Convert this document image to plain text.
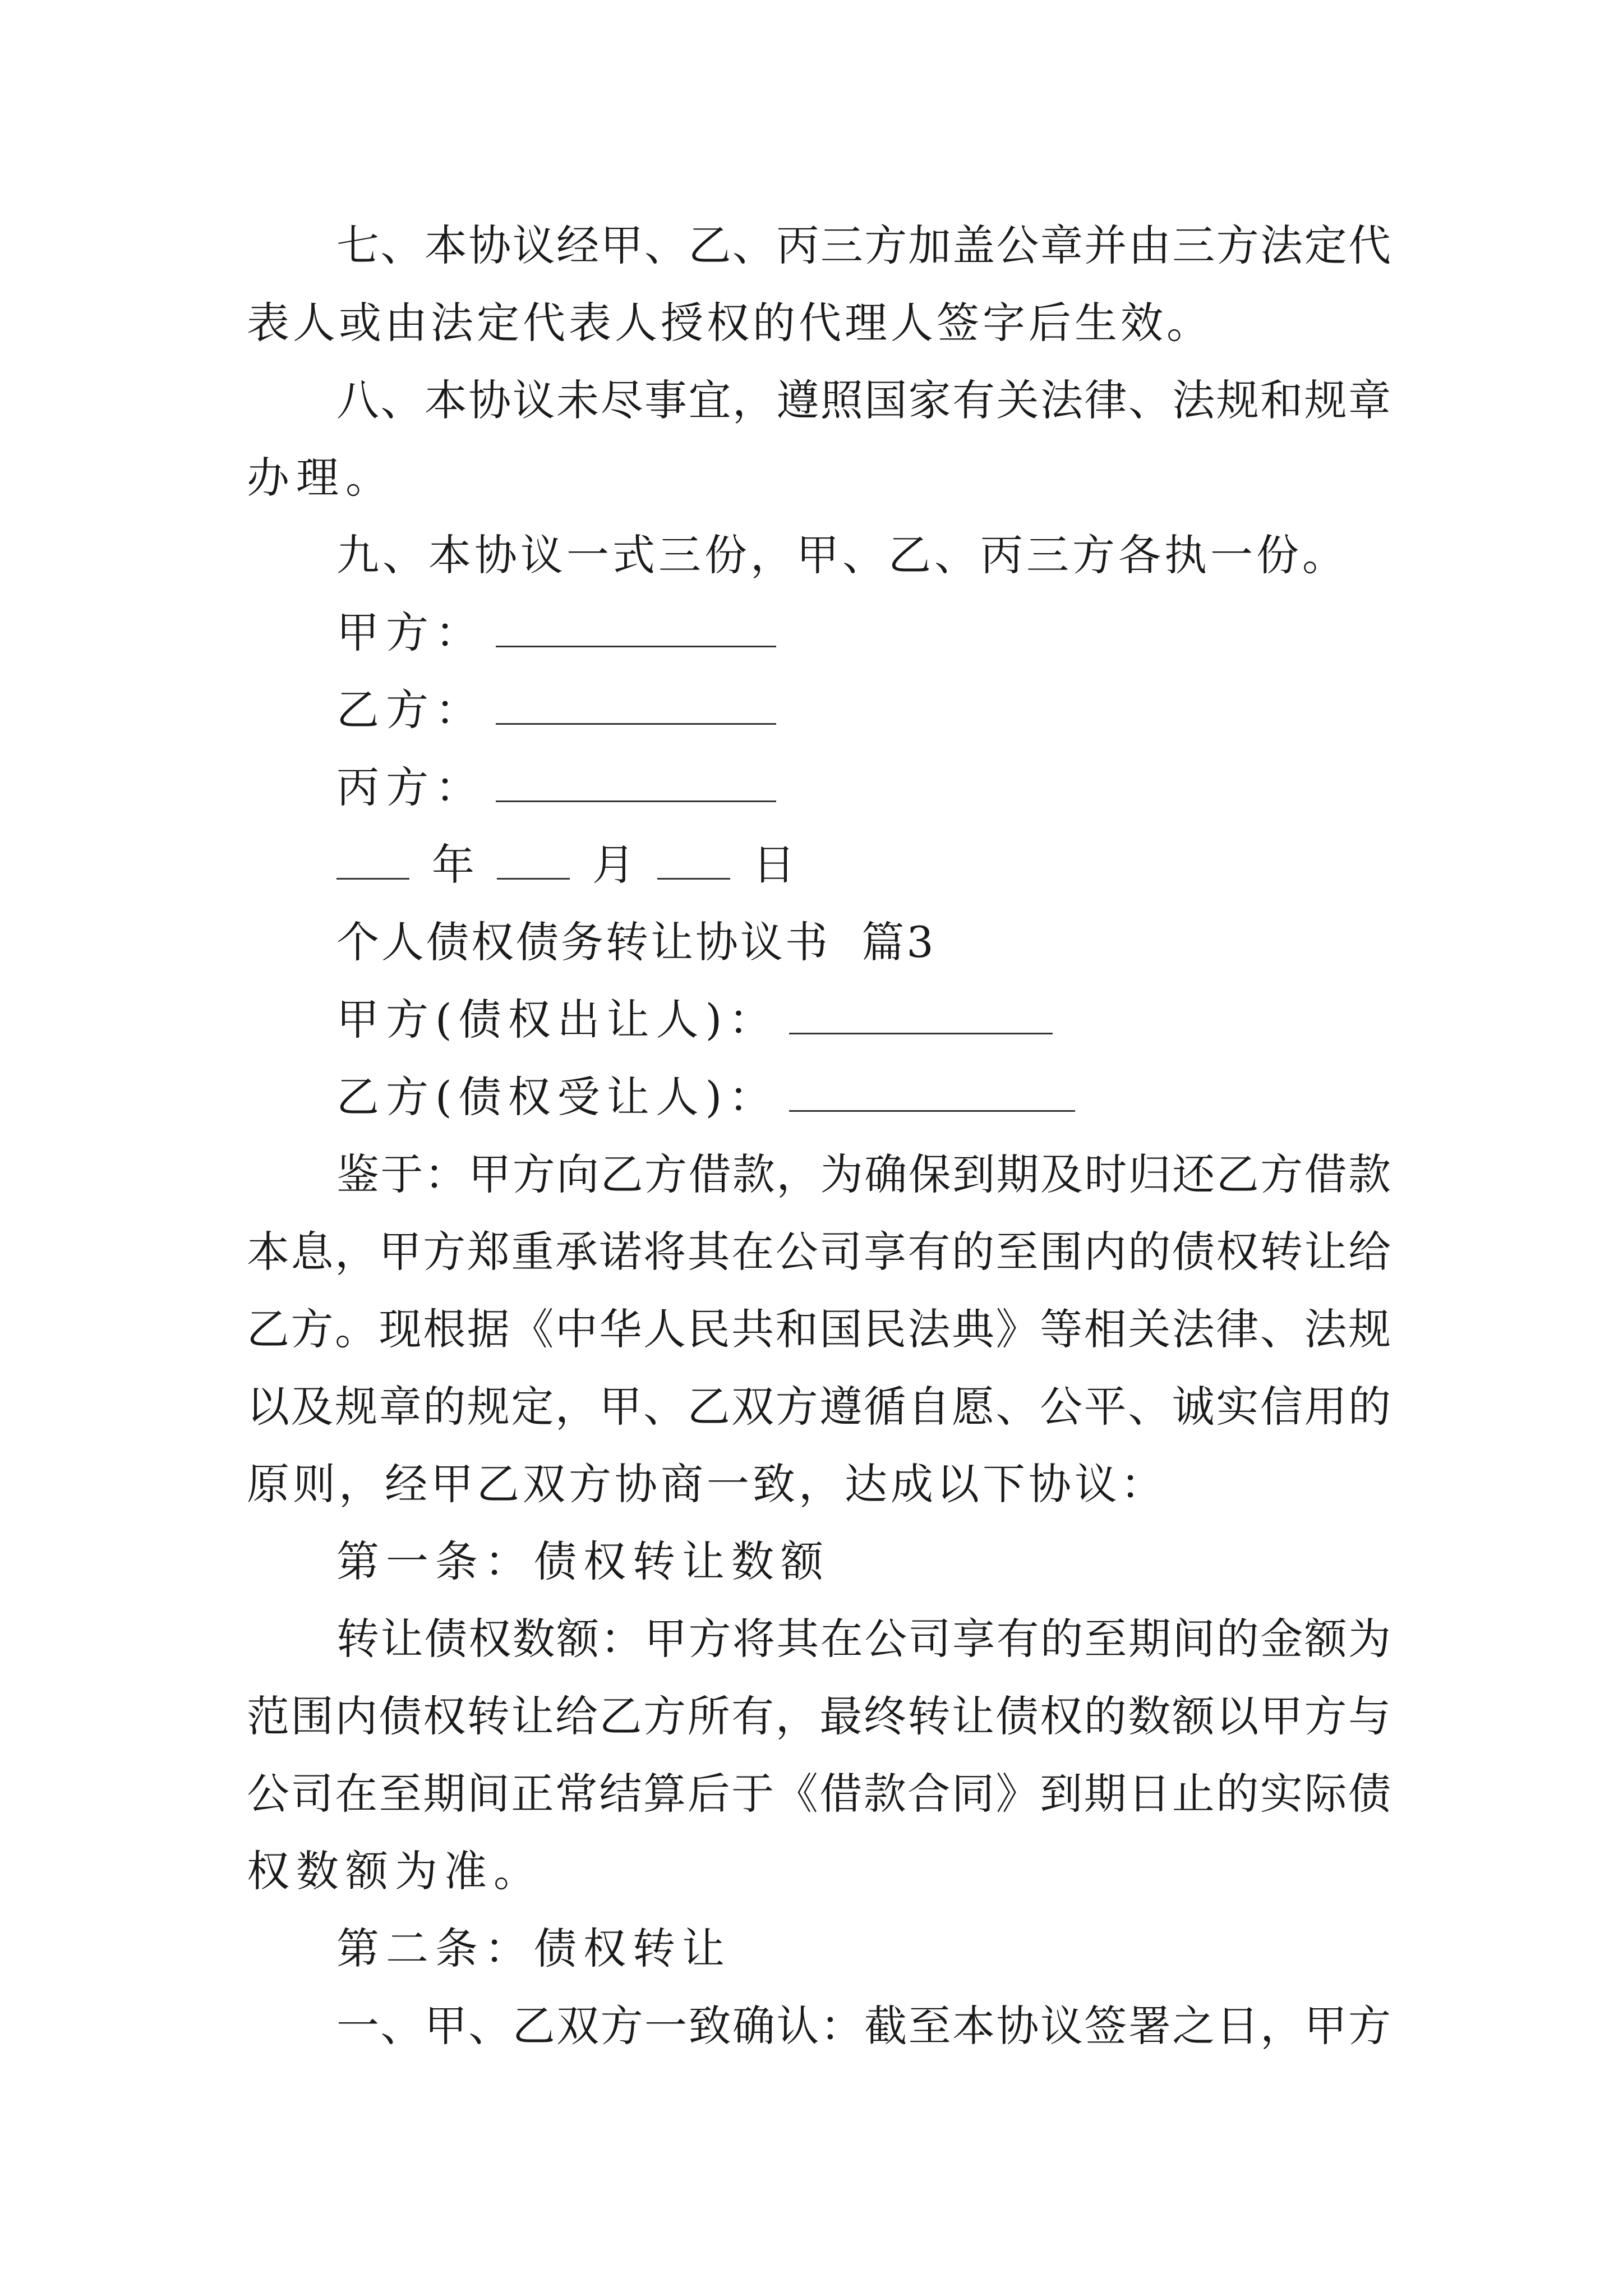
七、本协议经甲、乙、丙三方加盖公章并由三方法定代
表人或由法定代表人授权的代理人签字后生效。
八、本协议未尽事宜，遵照国家有关法律、法规和规章
办理。
九、本协议一式三份，甲、乙、丙三方各执一份。
甲方：
乙方：
丙方：
年	月	日
个人债权债务转让协议书  篇3
甲方(债权出让人)：
乙方(债权受让人)：
鉴于：甲方向乙方借款，为确保到期及时归还乙方借款
本息，甲方郑重承诺将其在公司享有的至围内的债权转让给
乙方。现根据《中华人民共和国民法典》等相关法律、法规
以及规章的规定，甲、乙双方遵循自愿、公平、诚实信用的
原则，经甲乙双方协商一致，达成以下协议：
第一条：债权转让数额
转让债权数额：甲方将其在公司享有的至期间的金额为
范围内债权转让给乙方所有，最终转让债权的数额以甲方与
公司在至期间正常结算后于《借款合同》到期日止的实际债
权数额为准。
第二条：债权转让
一、甲、乙双方一致确认：截至本协议签署之日，甲方
